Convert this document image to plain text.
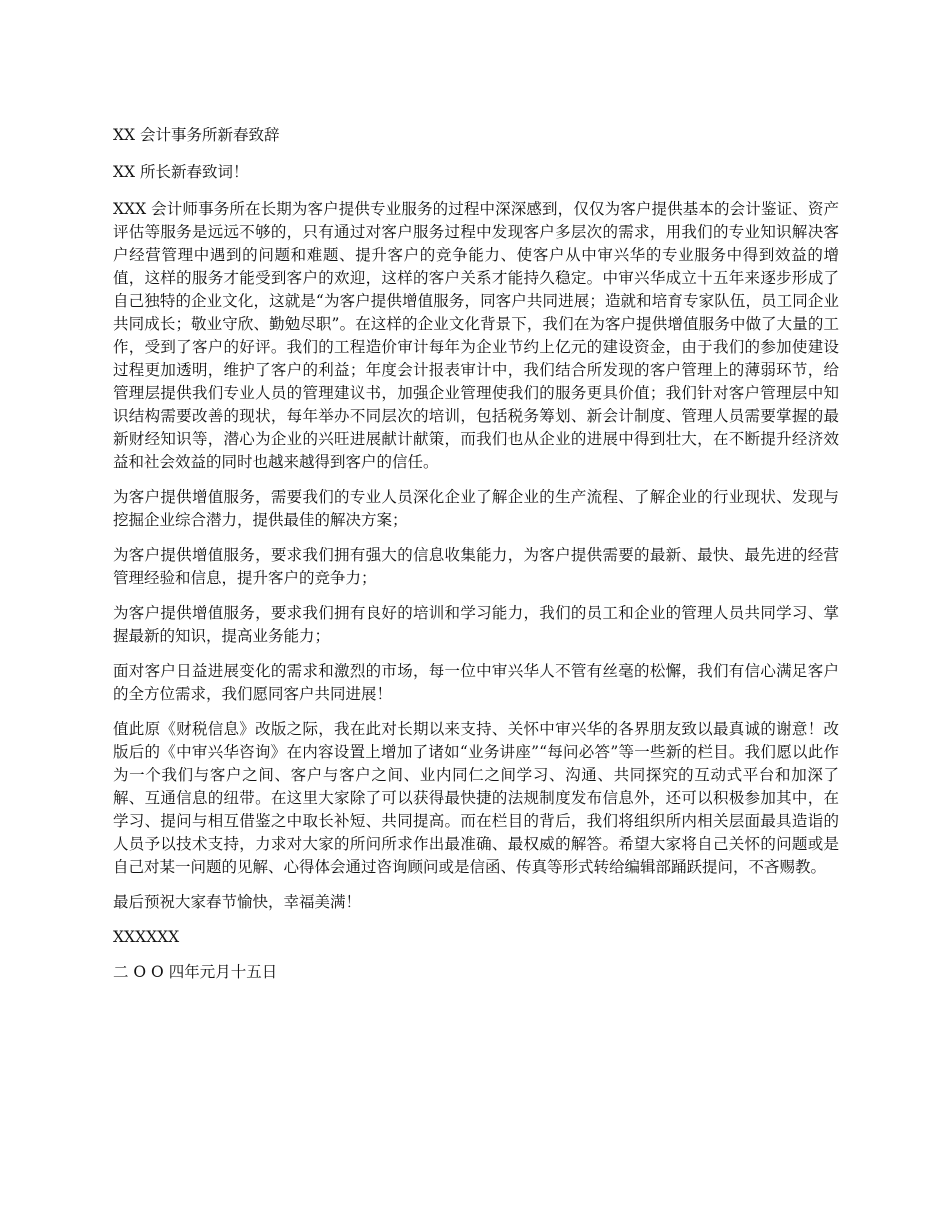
XX 会计事务所新春致辞

XX 所长新春致词！

XXX 会计师事务所在长期为客户提供专业服务的过程中深深感到，仅仅为客户提供基本的会计鉴证、资产评估等服务是远远不够的，只有通过对客户服务过程中发现客户多层次的需求，用我们的专业知识解决客户经营管理中遇到的问题和难题、提升客户的竞争能力、使客户从中审兴华的专业服务中得到效益的增值，这样的服务才能受到客户的欢迎，这样的客户关系才能持久稳定。中审兴华成立十五年来逐步形成了自己独特的企业文化，这就是“为客户提供增值服务，同客户共同进展；造就和培育专家队伍，员工同企业共同成长；敬业守欣、勤勉尽职”。在这样的企业文化背景下，我们在为客户提供增值服务中做了大量的工作，受到了客户的好评。我们的工程造价审计每年为企业节约上亿元的建设资金，由于我们的参加使建设过程更加透明，维护了客户的利益；年度会计报表审计中，我们结合所发现的客户管理上的薄弱环节，给管理层提供我们专业人员的管理建议书，加强企业管理使我们的服务更具价值；我们针对客户管理层中知识结构需要改善的现状，每年举办不同层次的培训，包括税务筹划、新会计制度、管理人员需要掌握的最新财经知识等，潜心为企业的兴旺进展献计献策，而我们也从企业的进展中得到壮大，在不断提升经济效益和社会效益的同时也越来越得到客户的信任。

为客户提供增值服务，需要我们的专业人员深化企业了解企业的生产流程、了解企业的行业现状、发现与挖掘企业综合潜力，提供最佳的解决方案；

为客户提供增值服务，要求我们拥有强大的信息收集能力，为客户提供需要的最新、最快、最先进的经营管理经验和信息，提升客户的竞争力；

为客户提供增值服务，要求我们拥有良好的培训和学习能力，我们的员工和企业的管理人员共同学习、掌握最新的知识，提高业务能力；

面对客户日益进展变化的需求和激烈的市场，每一位中审兴华人不管有丝毫的松懈，我们有信心满足客户的全方位需求，我们愿同客户共同进展！

值此原《财税信息》改版之际，我在此对长期以来支持、关怀中审兴华的各界朋友致以最真诚的谢意！改版后的《中审兴华咨询》在内容设置上增加了诸如“业务讲座”“每问必答”等一些新的栏目。我们愿以此作为一个我们与客户之间、客户与客户之间、业内同仁之间学习、沟通、共同探究的互动式平台和加深了解、互通信息的纽带。在这里大家除了可以获得最快捷的法规制度发布信息外，还可以积极参加其中，在学习、提问与相互借鉴之中取长补短、共同提高。而在栏目的背后，我们将组织所内相关层面最具造诣的人员予以技术支持，力求对大家的所问所求作出最准确、最权威的解答。希望大家将自己关怀的问题或是自己对某一问题的见解、心得体会通过咨询顾问或是信函、传真等形式转给编辑部踊跃提问，不吝赐教。

最后预祝大家春节愉快，幸福美满！

XXXXXX

二 O O 四年元月十五日
